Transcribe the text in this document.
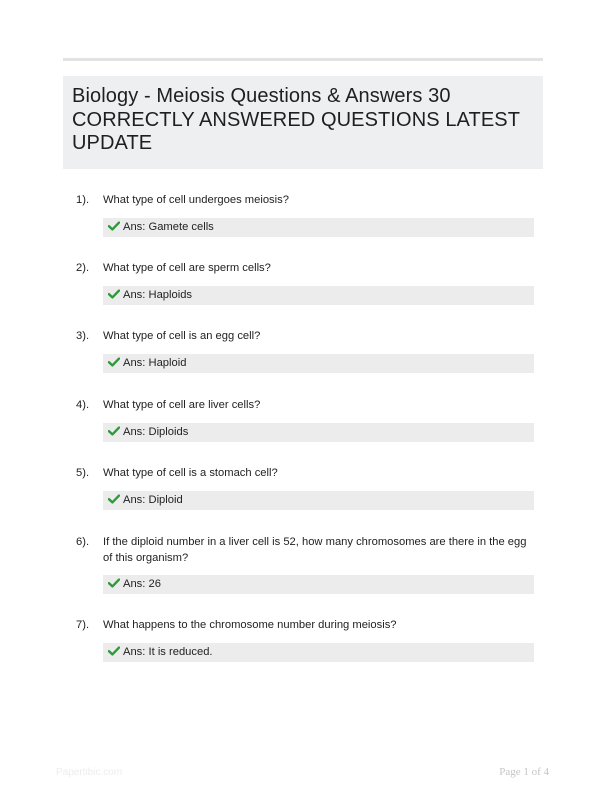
Biology - Meiosis Questions & Answers 30 CORRECTLY ANSWERED QUESTIONS LATEST UPDATE
1). What type of cell undergoes meiosis?
Ans: Gamete cells
2). What type of cell are sperm cells?
Ans: Haploids
3). What type of cell is an egg cell?
Ans: Haploid
4). What type of cell are liver cells?
Ans: Diploids
5). What type of cell is a stomach cell?
Ans: Diploid
6). If the diploid number in a liver cell is 52, how many chromosomes are there in the egg of this organism?
Ans: 26
7). What happens to the chromosome number during meiosis?
Ans: It is reduced.
Papertibic.com	Page 1 of 4
